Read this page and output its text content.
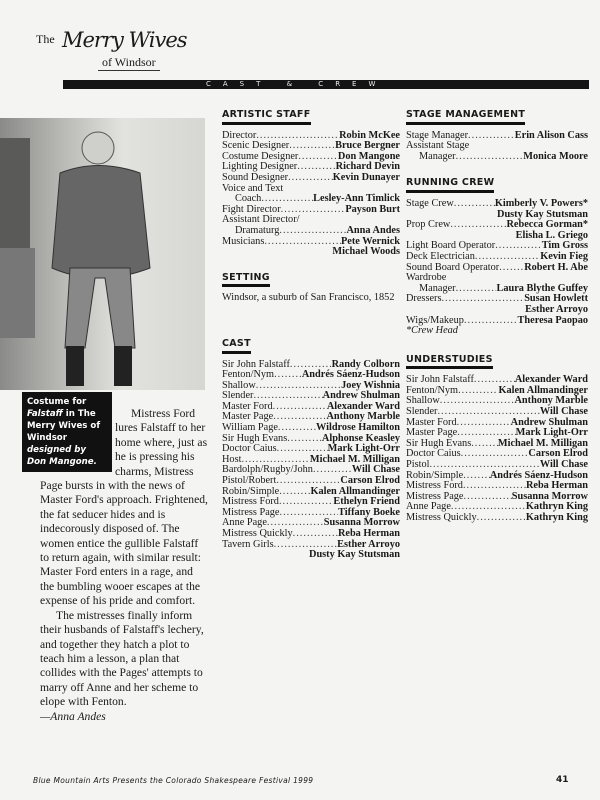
The Merry Wives
of Windsor
CAST & CREW
Costume for
Falstaff in The Merry Wives of Windsor
designed by
Don Mangone.

Mistress Ford lures Falstaff to her home where, just as he is pressing his charms, Mistress Page bursts in with the news of Master Ford's approach. Frightened, the fat seducer hides and is indecorously disposed of. The women entice the gullible Falstaff to return again, with similar result: Master Ford enters in a rage, and the bumbling wooer escapes at the expense of his pride and comfort.

The mistresses finally inform their husbands of Falstaff's lechery, and together they hatch a plot to teach him a lesson, a plan that collides with the Pages' attempts to marry off Anne and her scheme to elope with Fenton.

—Anna Andes
ARTISTIC STAFF
Director .....	Robin McKee
Scenic Designer .....	Bruce Bergner
Costume Designer .....	Don Mangone
Lighting Designer .....	Richard Devin
Sound Designer .....	Kevin Dunayer
Voice and Text
Coach .....	Lesley-Ann Timlick
Fight Director .....	Payson Burt
Assistant Director/
Dramaturg .....	Anna Andes
Musicians .....	Pete Wernick
Michael Woods
SETTING
Windsor, a suburb of San Francisco, 1852
CAST
Sir John Falstaff .....	Randy Colborn
Fenton/Nym .....	Andrés Sáenz-Hudson
Shallow .....	Joey Wishnia
Slender .....	Andrew Shulman
Master Ford .....	Alexander Ward
Master Page .....	Anthony Marble
William Page .....	Wildrose Hamilton
Sir Hugh Evans .....	Alphonse Keasley
Doctor Caius .....	Mark Light-Orr
Host .....	Michael M. Milligan
Bardolph/Rugby/John .....	Will Chase
Pistol/Robert .....	Carson Elrod
Robin/Simple .....	Kalen Allmandinger
Mistress Ford .....	Ethelyn Friend
Mistress Page .....	Tiffany Boeke
Anne Page .....	Susanna Morrow
Mistress Quickly .....	Reba Herman
Tavern Girls .....	Esther Arroyo
Dusty Kay Stutsman
STAGE MANAGEMENT
Stage Manager .....	Erin Alison Cass
Assistant Stage
Manager .....	Monica Moore
RUNNING CREW
Stage Crew .....	Kimberly V. Powers*
Dusty Kay Stutsman
Prop Crew .....	Rebecca Gorman*
Elisha L. Griego
Light Board Operator .....	Tim Gross
Deck Electrician .....	Kevin Fieg
Sound Board Operator ..... Robert H. Abe
Wardrobe
Manager .....	Laura Blythe Guffey
Dressers .....	Susan Howlett
Esther Arroyo
Wigs/Makeup .....	Theresa Paopao
*Crew Head
UNDERSTUDIES
Sir John Falstaff .....	Alexander Ward
Fenton/Nym .....	Kalen Allmandinger
Shallow .....	Anthony Marble
Slender .....	Will Chase
Master Ford .....	Andrew Shulman
Master Page .....	Mark Light-Orr
Sir Hugh Evans .....	Michael M. Milligan
Doctor Caius .....	Carson Elrod
Pistol .....	Will Chase
Robin/Simple .....	Andrés Sáenz-Hudson
Mistress Ford .....	Reba Herman
Mistress Page .....	Susanna Morrow
Anne Page .....	Kathryn King
Mistress Quickly .....	Kathryn King
Blue Mountain Arts Presents the Colorado Shakespeare Festival 1999	41
